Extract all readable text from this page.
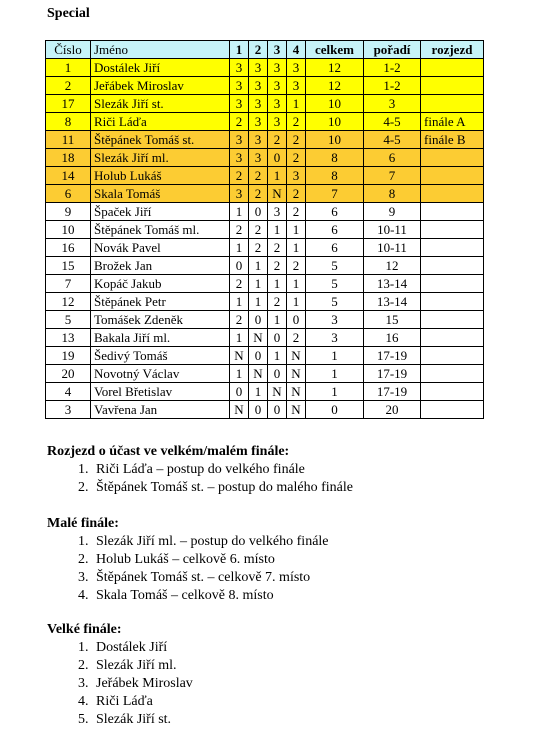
Special
Číslo	Jméno	1	2	3	4	celkem	pořadí	rozjezd
1	Dostálek Jiří	3	3	3	3	12	1-2	
2	Jeřábek Miroslav	3	3	3	3	12	1-2	
17	Slezák Jiří st.	3	3	3	1	10	3	
8	Riči Láďa	2	3	3	2	10	4-5	finále A
11	Štěpánek Tomáš st.	3	3	2	2	10	4-5	finále B
18	Slezák Jiří ml.	3	3	0	2	8	6	
14	Holub Lukáš	2	2	1	3	8	7	
6	Skala Tomáš	3	2	N	2	7	8	
9	Špaček Jiří	1	0	3	2	6	9	
10	Štěpánek Tomáš ml.	2	2	1	1	6	10-11	
16	Novák Pavel	1	2	2	1	6	10-11	
15	Brožek Jan	0	1	2	2	5	12	
7	Kopáč Jakub	2	1	1	1	5	13-14	
12	Štěpánek Petr	1	1	2	1	5	13-14	
5	Tomášek Zdeněk	2	0	1	0	3	15	
13	Bakala Jiří ml.	1	N	0	2	3	16	
19	Šedivý Tomáš	N	0	1	N	1	17-19	
20	Novotný Václav	1	N	0	N	1	17-19	
4	Vorel Břetislav	0	1	N	N	1	17-19	
3	Vavřena Jan	N	0	0	N	0	20	
Rozjezd o účast ve velkém/malém finále:
1. Riči Láďa – postup do velkého finále
2. Štěpánek Tomáš st. – postup do malého finále
Malé finále:
1. Slezák Jiří ml. – postup do velkého finále
2. Holub Lukáš – celkově 6. místo
3. Štěpánek Tomáš st. – celkově 7. místo
4. Skala Tomáš – celkově 8. místo
Velké finále:
1. Dostálek Jiří
2. Slezák Jiří ml.
3. Jeřábek Miroslav
4. Riči Láďa
5. Slezák Jiří st.
